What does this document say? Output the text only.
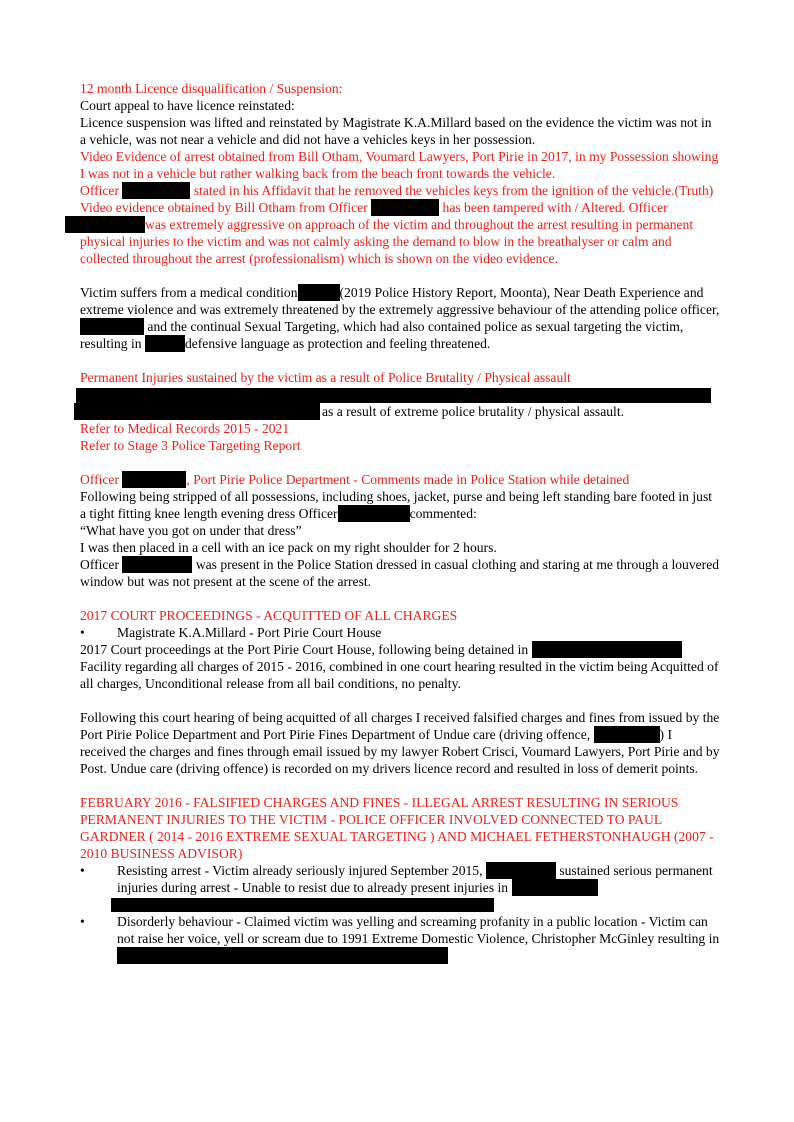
12 month Licence disqualification / Suspension:

Court appeal to have licence reinstated:

Licence suspension was lifted and reinstated by Magistrate K.A.Millard based on the evidence the victim was not in a vehicle, was not near a vehicle and did not have a vehicles keys in her possession.

Video Evidence of arrest obtained from Bill Otham, Voumard Lawyers, Port Pirie in 2017, in my Possession showing I was not in a vehicle but rather walking back from the beach front towards the vehicle.

Officer	stated in his Affidavit that he removed the vehicles keys from the ignition of the vehicle.(Truth)

Video evidence obtained by Bill Otham from Officer	has been tampered with / Altered. Officer was extremely aggressive on approach of the victim and throughout the arrest resulting in permanent physical injuries to the victim and was not calmly asking the demand to blow in the breathalyser or calm and collected throughout the arrest (professionalism) which is shown on the video evidence.

Victim suffers from a medical condition	(2019 Police History Report, Moonta), Near Death Experience and extreme violence and was extremely threatened by the extremely aggressive behaviour of the attending police officer,  and the continual Sexual Targeting, which had also contained police as sexual targeting the victim, resulting in	defensive language as protection and feeling threatened.

Permanent Injuries sustained by the victim as a result of Police Brutality / Physical assault

as a result of extreme police brutality / physical assault.

Refer to Medical Records 2015 - 2021

Refer to Stage 3 Police Targeting Report

Officer	, Port Pirie Police Department - Comments made in Police Station while detained

Following being stripped of all possessions, including shoes, jacket, purse and being left standing bare footed in just a tight fitting knee length evening dress Officer	commented:

“What have you got on under that dress”

I was then placed in a cell with an ice pack on my right shoulder for 2 hours.

Officer	was present in the Police Station dressed in casual clothing and staring at me through a louvered window but was not present at the scene of the arrest.

2017 COURT PROCEEDINGS - ACQUITTED OF ALL CHARGES

• Magistrate K.A.Millard - Port Pirie Court House

2017 Court proceedings at the Port Pirie Court House, following being detained in  Facility regarding all charges of 2015 - 2016, combined in one court hearing resulted in the victim being Acquitted of all charges, Unconditional release from all bail conditions, no penalty.

Following this court hearing of being acquitted of all charges I received falsified charges and fines from issued by the Port Pirie Police Department and Port Pirie Fines Department of Undue care (driving offence,	) I received the charges and fines through email issued by my lawyer Robert Crisci, Voumard Lawyers, Port Pirie and by Post. Undue care (driving offence) is recorded on my drivers licence record and resulted in loss of demerit points.

FEBRUARY 2016 - FALSIFIED CHARGES AND FINES - ILLEGAL ARREST RESULTING IN SERIOUS PERMANENT INJURIES TO THE VICTIM - POLICE OFFICER INVOLVED CONNECTED TO PAUL GARDNER ( 2014 - 2016 EXTREME SEXUAL TARGETING ) AND MICHAEL FETHERSTONHAUGH (2007 - 2010 BUSINESS ADVISOR)

• Resisting arrest - Victim already seriously injured September 2015,	sustained serious permanent injuries during arrest - Unable to resist due to already present injuries in
• Disorderly behaviour - Claimed victim was yelling and screaming profanity in a public location - Victim can not raise her voice, yell or scream due to 1991 Extreme Domestic Violence, Christopher McGinley resulting in
